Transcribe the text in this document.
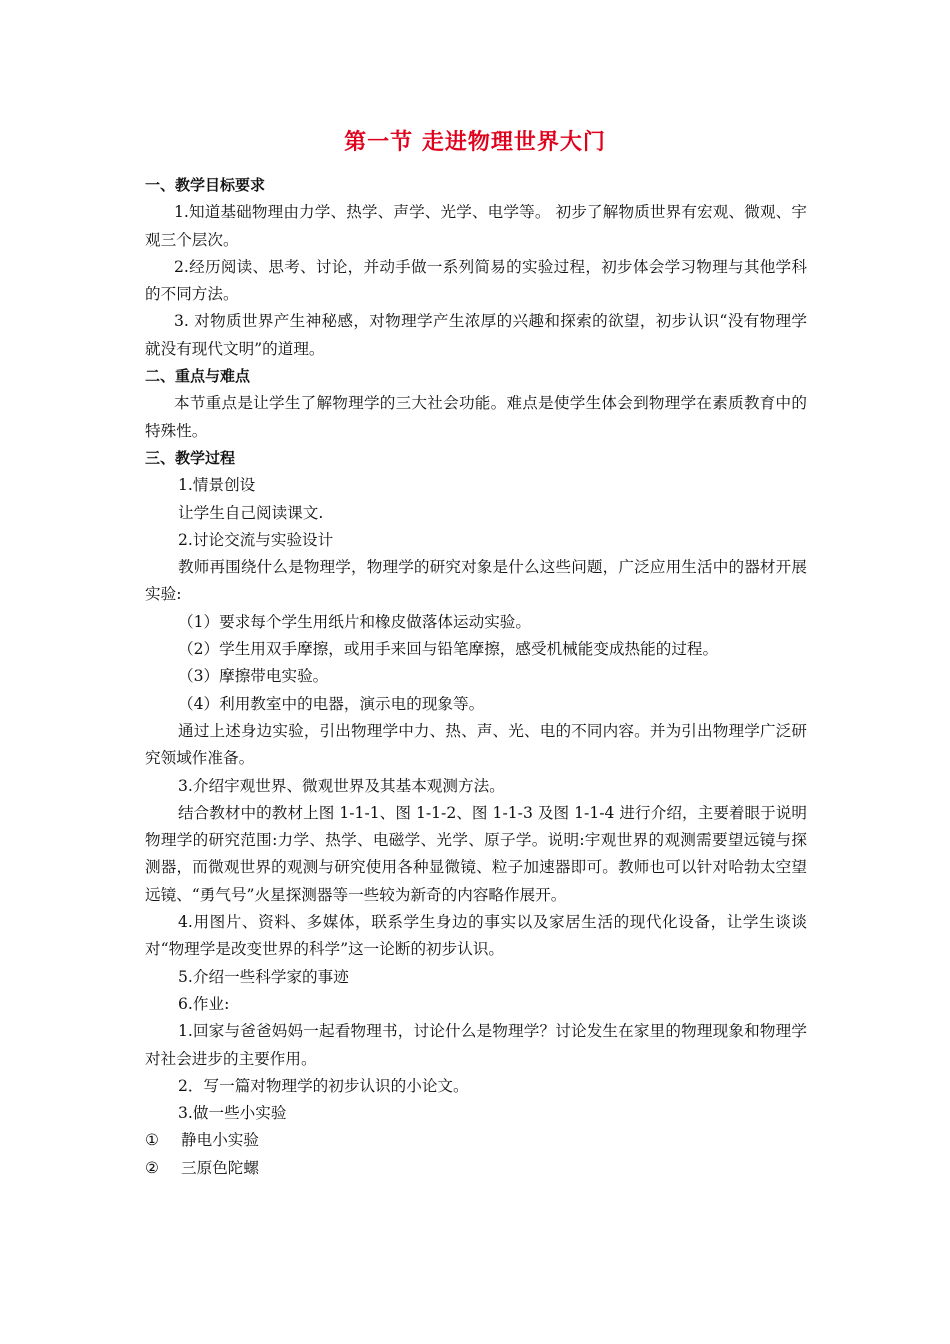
第一节 走进物理世界大门

一、教学目标要求

1.知道基础物理由力学、热学、声学、光学、电学等。 初步了解物质世界有宏观、微观、宇观三个层次。

2.经历阅读、思考、讨论，并动手做一系列简易的实验过程，初步体会学习物理与其他学科的不同方法。

3. 对物质世界产生神秘感，对物理学产生浓厚的兴趣和探索的欲望，初步认识“没有物理学就没有现代文明”的道理。

二、重点与难点

本节重点是让学生了解物理学的三大社会功能。难点是使学生体会到物理学在素质教育中的特殊性。

三、教学过程

1.情景创设

让学生自己阅读课文.

2.讨论交流与实验设计

教师再围绕什么是物理学，物理学的研究对象是什么这些问题，广泛应用生活中的器材开展实验:

（1）要求每个学生用纸片和橡皮做落体运动实验。

（2）学生用双手摩擦，或用手来回与铅笔摩擦，感受机械能变成热能的过程。

（3）摩擦带电实验。

（4）利用教室中的电器，演示电的现象等。

通过上述身边实验，引出物理学中力、热、声、光、电的不同内容。并为引出物理学广泛研究领域作准备。

3.介绍宇观世界、微观世界及其基本观测方法。

结合教材中的教材上图 1-1-1、图 1-1-2、图 1-1-3 及图 1-1-4 进行介绍，主要着眼于说明物理学的研究范围:力学、热学、电磁学、光学、原子学。说明:宇观世界的观测需要望远镜与探测器，而微观世界的观测与研究使用各种显微镜、粒子加速器即可。教师也可以针对哈勃太空望远镜、“勇气号”火星探测器等一些较为新奇的内容略作展开。

4.用图片、资料、多媒体，联系学生身边的事实以及家居生活的现代化设备，让学生谈谈对“物理学是改变世界的科学”这一论断的初步认识。

5.介绍一些科学家的事迹

6.作业:

1.回家与爸爸妈妈一起看物理书，讨论什么是物理学？讨论发生在家里的物理现象和物理学对社会进步的主要作用。

2．写一篇对物理学的初步认识的小论文。

3.做一些小实验

① 静电小实验

② 三原色陀螺
